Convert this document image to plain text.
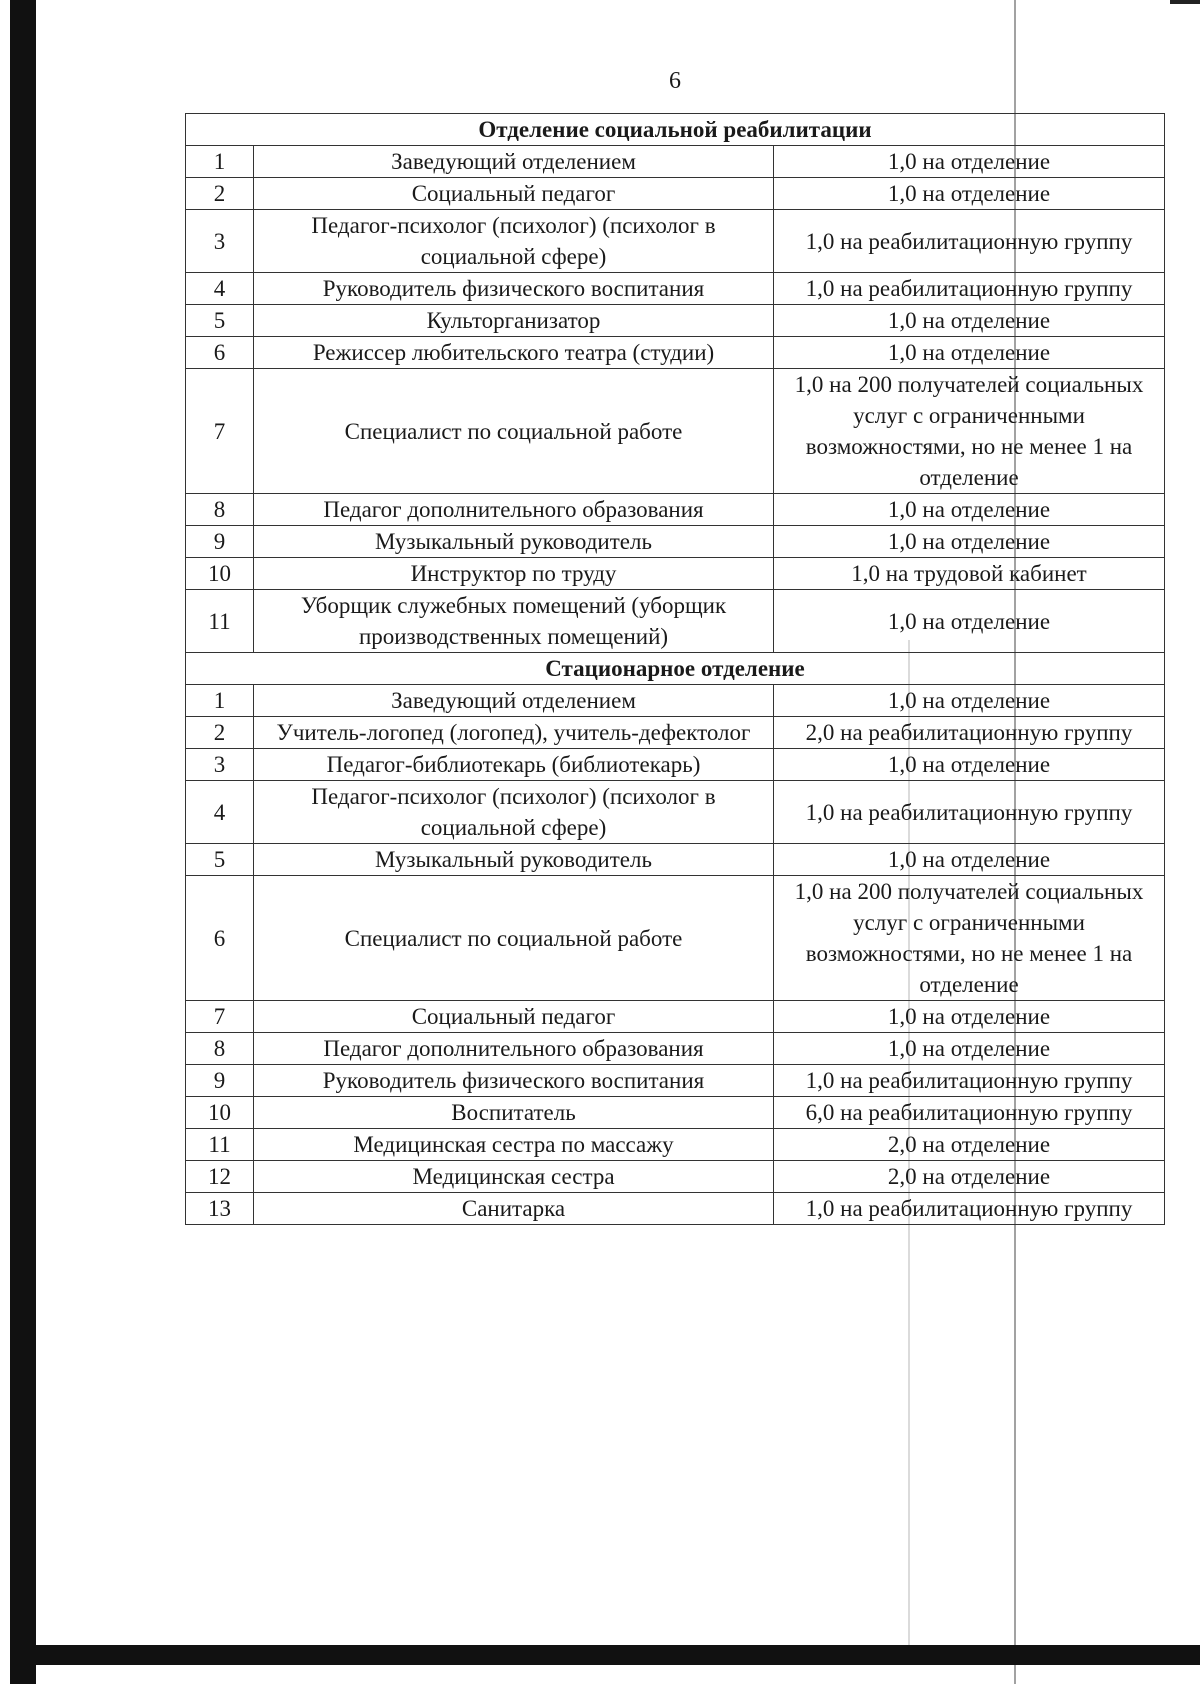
6
Отделение социальной реабилитации		
1	Заведующий отделением	1,0 на отделение
2	Социальный педагог	1,0 на отделение
3	Педагог-психолог (психолог) (психолог в социальной сфере)	1,0 на реабилитационную группу
4	Руководитель физического воспитания	1,0 на реабилитационную группу
5	Культорганизатор	1,0 на отделение
6	Режиссер любительского театра (студии)	1,0 на отделение
7	Специалист по социальной работе	1,0 на 200 получателей социальных услуг с ограниченными возможностями, но не менее 1 на отделение
8	Педагог дополнительного образования	1,0 на отделение
9	Музыкальный руководитель	1,0 на отделение
10	Инструктор по труду	1,0 на трудовой кабинет
11	Уборщик служебных помещений (уборщик производственных помещений)	1,0 на отделение
Стационарное отделение		
1	Заведующий отделением	1,0 на отделение
2	Учитель-логопед (логопед), учитель-дефектолог	2,0 на реабилитационную группу
3	Педагог-библиотекарь (библиотекарь)	1,0 на отделение
4	Педагог-психолог (психолог) (психолог в социальной сфере)	1,0 на реабилитационную группу
5	Музыкальный руководитель	1,0 на отделение
6	Специалист по социальной работе	1,0 на 200 получателей социальных услуг с ограниченными возможностями, но не менее 1 на отделение
7	Социальный педагог	1,0 на отделение
8	Педагог дополнительного образования	1,0 на отделение
9	Руководитель физического воспитания	1,0 на реабилитационную группу
10	Воспитатель	6,0 на реабилитационную группу
11	Медицинская сестра по массажу	2,0 на отделение
12	Медицинская сестра	2,0 на отделение
13	Санитарка	1,0 на реабилитационную группу
